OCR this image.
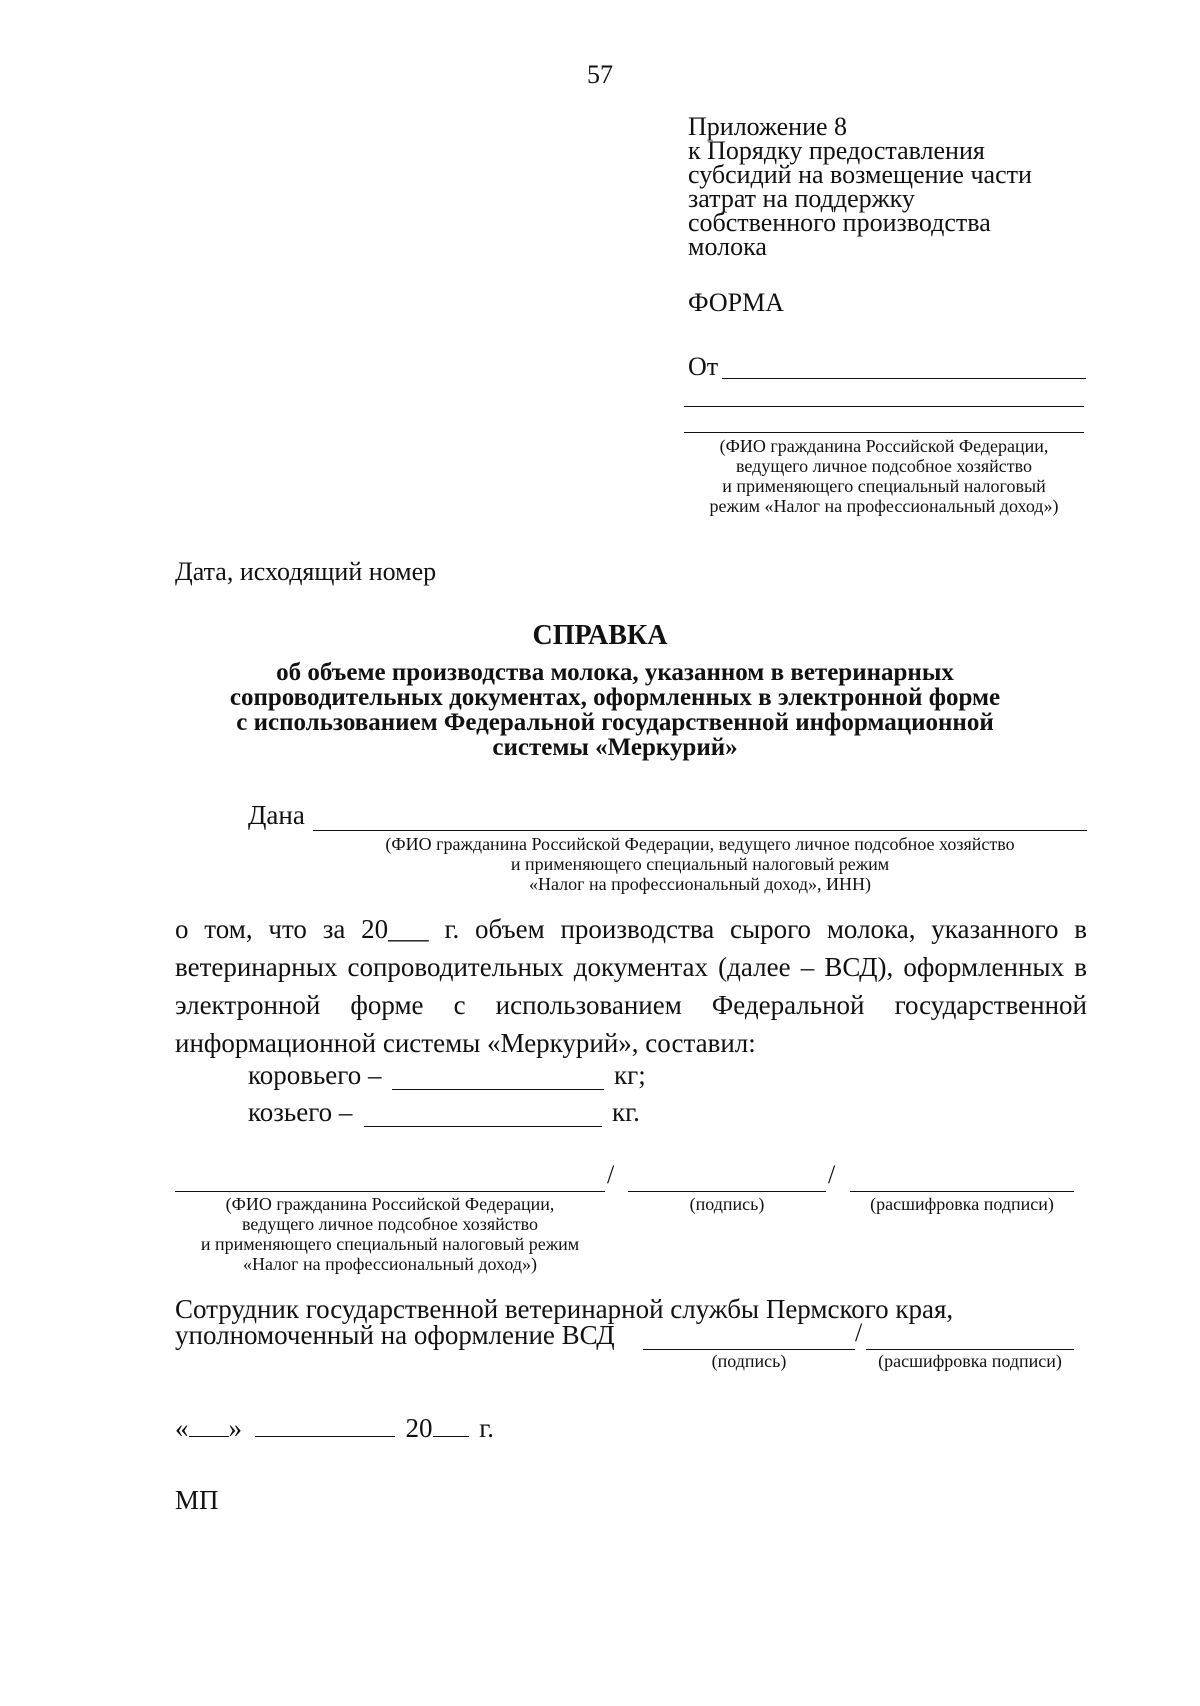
57
Приложение 8
к Порядку предоставления
субсидий на возмещение части
затрат на поддержку
собственного производства
молока
ФОРМА
От
(ФИО гражданина Российской Федерации,
ведущего личное подсобное хозяйство
и применяющего специальный налоговый
режим «Налог на профессиональный доход»)
Дата, исходящий номер
СПРАВКА
об объеме производства молока, указанном в ветеринарных
сопроводительных документах, оформленных в электронной форме
с использованием Федеральной государственной информационной
системы «Меркурий»
Дана
(ФИО гражданина Российской Федерации, ведущего личное подсобное хозяйство
и применяющего специальный налоговый режим
«Налог на профессиональный доход», ИНН)
о том, что за 20___ г. объем производства сырого молока, указанного в ветеринарных сопроводительных документах (далее – ВСД), оформленных в электронной форме с использованием Федеральной государственной информационной системы «Меркурий», составил:
коровьего –	кг;
козьего –	кг.
/	/
(ФИО гражданина Российской Федерации,
ведущего личное подсобное хозяйство
и применяющего специальный налоговый режим
«Налог на профессиональный доход»)
(подпись)	(расшифровка подписи)
Сотрудник государственной ветеринарной службы Пермского края,
уполномоченный на оформление ВСД	/
(подпись)	(расшифровка подписи)
« »	20 г.
МП
